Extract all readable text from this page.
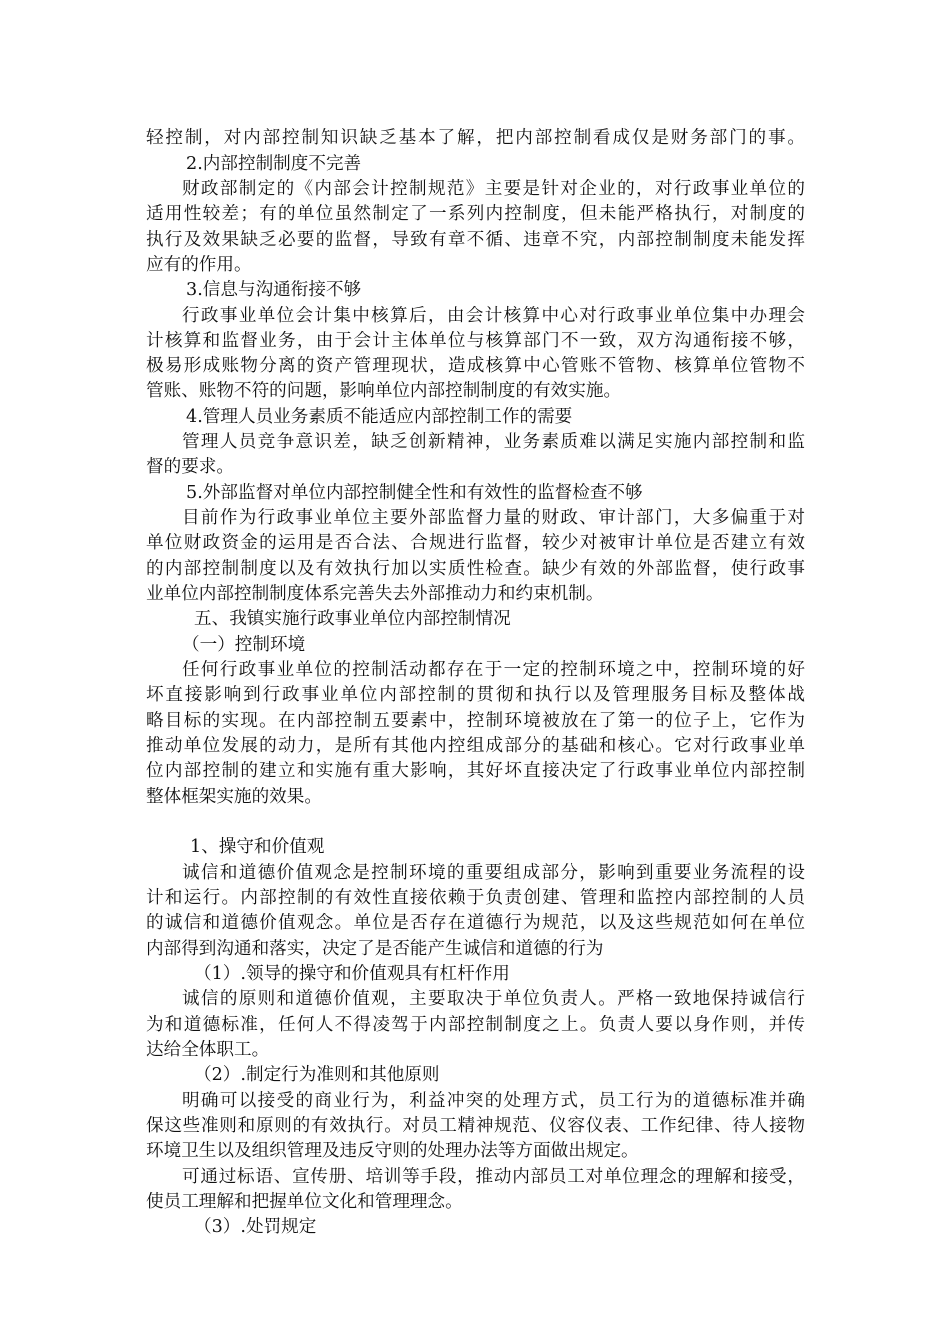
轻控制，对内部控制知识缺乏基本了解，把内部控制看成仅是财务部门的事。

2.内部控制制度不完善

财政部制定的《内部会计控制规范》主要是针对企业的，对行政事业单位的

适用性较差；有的单位虽然制定了一系列内控制度，但未能严格执行，对制度的

执行及效果缺乏必要的监督，导致有章不循、违章不究，内部控制制度未能发挥

应有的作用。

3.信息与沟通衔接不够

行政事业单位会计集中核算后，由会计核算中心对行政事业单位集中办理会

计核算和监督业务，由于会计主体单位与核算部门不一致，双方沟通衔接不够，

极易形成账物分离的资产管理现状，造成核算中心管账不管物、核算单位管物不

管账、账物不符的问题，影响单位内部控制制度的有效实施。

4.管理人员业务素质不能适应内部控制工作的需要

管理人员竞争意识差，缺乏创新精神，业务素质难以满足实施内部控制和监

督的要求。

5.外部监督对单位内部控制健全性和有效性的监督检查不够

目前作为行政事业单位主要外部监督力量的财政、审计部门，大多偏重于对

单位财政资金的运用是否合法、合规进行监督，较少对被审计单位是否建立有效

的内部控制制度以及有效执行加以实质性检查。缺少有效的外部监督，使行政事

业单位内部控制制度体系完善失去外部推动力和约束机制。

五、我镇实施行政事业单位内部控制情况

（一）控制环境

任何行政事业单位的控制活动都存在于一定的控制环境之中，控制环境的好

坏直接影响到行政事业单位内部控制的贯彻和执行以及管理服务目标及整体战

略目标的实现。在内部控制五要素中，控制环境被放在了第一的位子上，它作为

推动单位发展的动力，是所有其他内控组成部分的基础和核心。它对行政事业单

位内部控制的建立和实施有重大影响，其好坏直接决定了行政事业单位内部控制

整体框架实施的效果。

1、操守和价值观

诚信和道德价值观念是控制环境的重要组成部分，影响到重要业务流程的设

计和运行。内部控制的有效性直接依赖于负责创建、管理和监控内部控制的人员

的诚信和道德价值观念。单位是否存在道德行为规范，以及这些规范如何在单位

内部得到沟通和落实，决定了是否能产生诚信和道德的行为

（1）.领导的操守和价值观具有杠杆作用

诚信的原则和道德价值观，主要取决于单位负责人。严格一致地保持诚信行

为和道德标准，任何人不得凌驾于内部控制制度之上。负责人要以身作则，并传

达给全体职工。

（2）.制定行为准则和其他原则

明确可以接受的商业行为，利益冲突的处理方式，员工行为的道德标准并确

保这些准则和原则的有效执行。对员工精神规范、仪容仪表、工作纪律、待人接物

环境卫生以及组织管理及违反守则的处理办法等方面做出规定。

可通过标语、宣传册、培训等手段，推动内部员工对单位理念的理解和接受，

使员工理解和把握单位文化和管理理念。

（3）.处罚规定
